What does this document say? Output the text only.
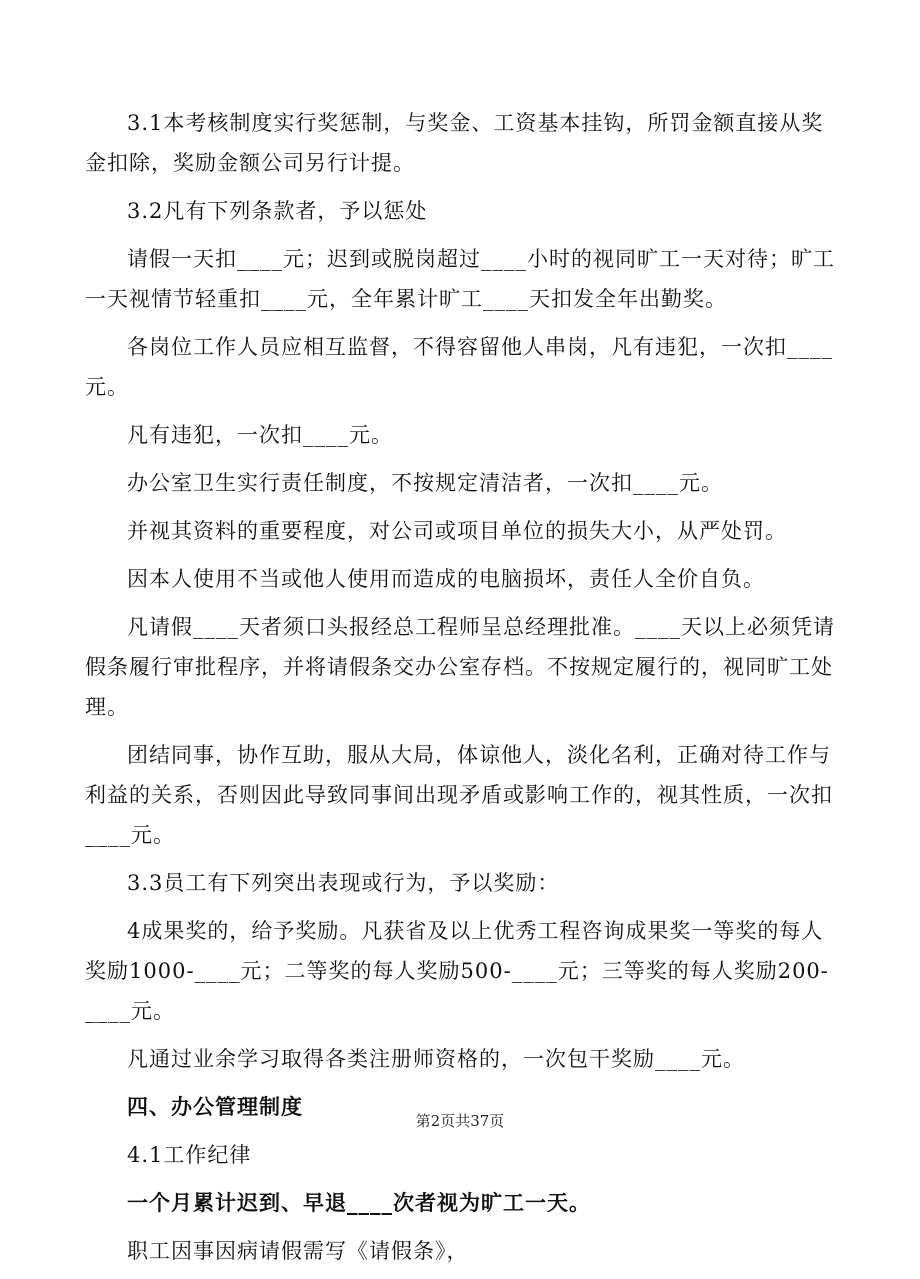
3.1本考核制度实行奖惩制，与奖金、工资基本挂钩，所罚金额直接从奖金扣除，奖励金额公司另行计提。

3.2凡有下列条款者，予以惩处

请假一天扣____元；迟到或脱岗超过____小时的视同旷工一天对待；旷工一天视情节轻重扣____元，全年累计旷工____天扣发全年出勤奖。

各岗位工作人员应相互监督，不得容留他人串岗，凡有违犯，一次扣____元。

凡有违犯，一次扣____元。

办公室卫生实行责任制度，不按规定清洁者，一次扣____元。

并视其资料的重要程度，对公司或项目单位的损失大小，从严处罚。

因本人使用不当或他人使用而造成的电脑损坏，责任人全价自负。

凡请假____天者须口头报经总工程师呈总经理批准。____天以上必须凭请假条履行审批程序，并将请假条交办公室存档。不按规定履行的，视同旷工处理。

团结同事，协作互助，服从大局，体谅他人，淡化名利，正确对待工作与利益的关系，否则因此导致同事间出现矛盾或影响工作的，视其性质，一次扣____元。

3.3员工有下列突出表现或行为，予以奖励：

4成果奖的，给予奖励。凡获省及以上优秀工程咨询成果奖一等奖的每人奖励1000-____元；二等奖的每人奖励500-____元；三等奖的每人奖励200-____元。

凡通过业余学习取得各类注册师资格的，一次包干奖励____元。

四、办公管理制度

4.1工作纪律

一个月累计迟到、早退____次者视为旷工一天。

职工因事因病请假需写《请假条》，

第2页共37页
